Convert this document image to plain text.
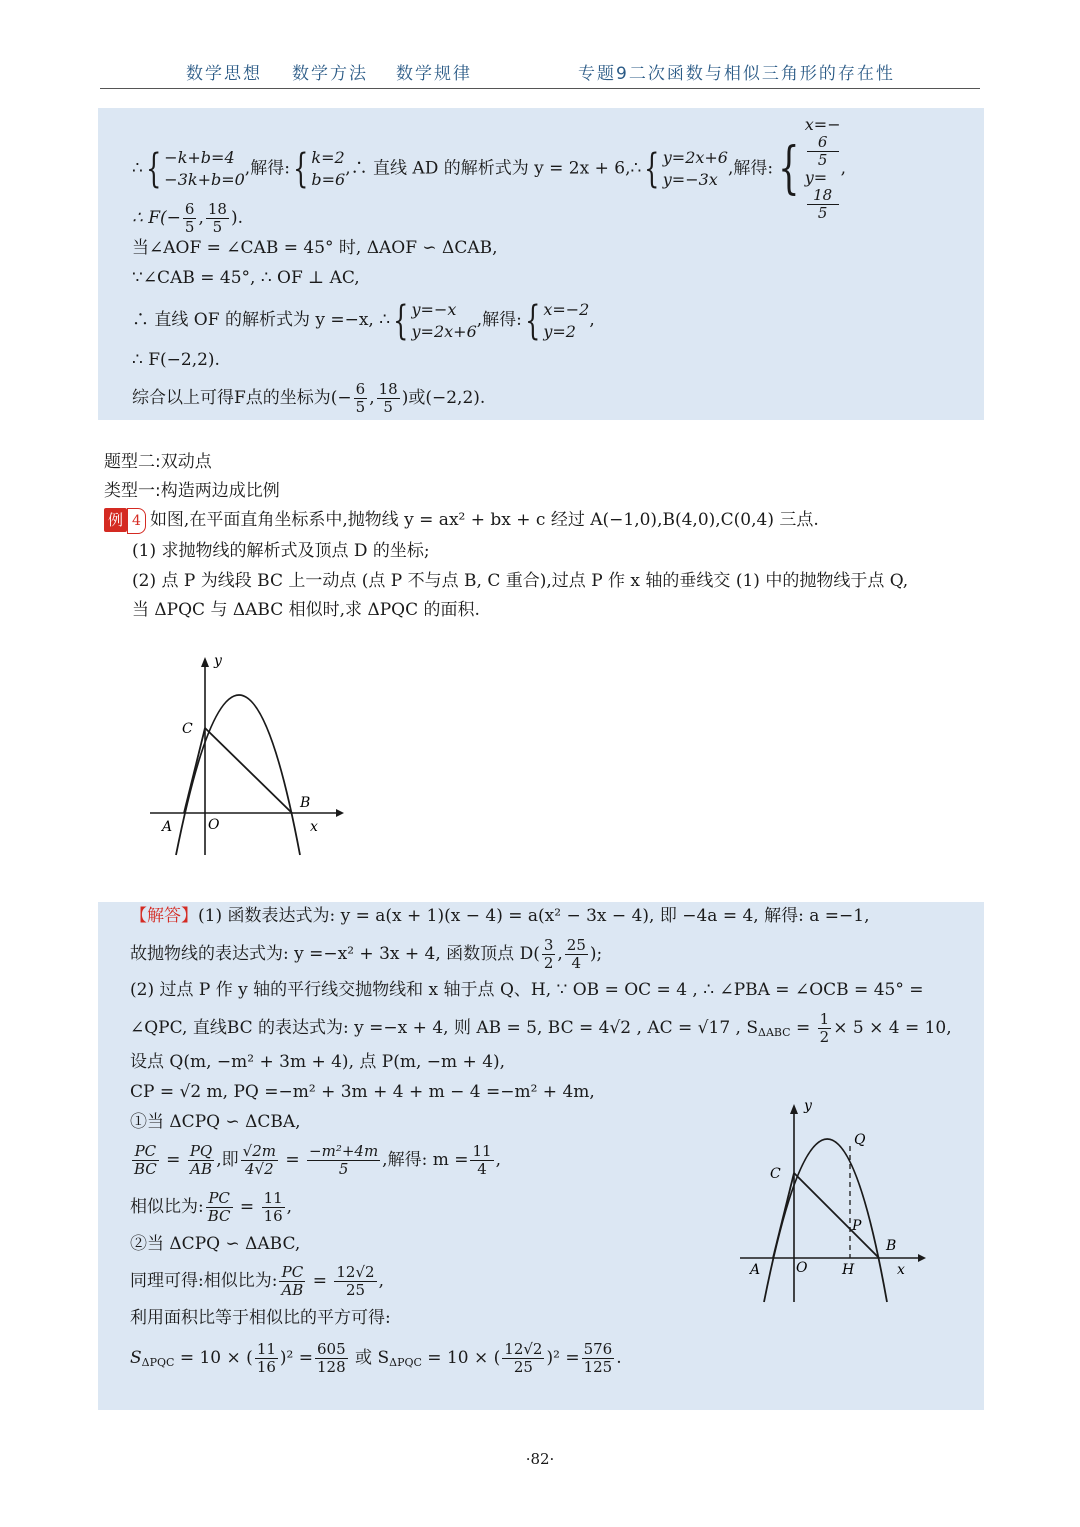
数学思想 数学方法 数学规律	专题9二次函数与相似三角形的存在性
∴{ −k+b=4
−3k+b=0
,解得:{ k=2
b=6
,∴ 直线 AD 的解析式为 y = 2x + 6,∴{ y=2x+6
y=−3x
,解得:{
x=−
6
5
y=
18
5
,
∴ $F(- \frac{6}{5}$ , $\frac{18}{5}$ ).
当∠AOF = ∠CAB = 45° 时, ΔAOF ∽ ΔCAB,
∵∠CAB = 45°, ∴ OF ⊥ AC,
∴ 直线 OF 的解析式为 y =−x, ∴{ y=−x
y=2x+6
,解得:{ x=−2
y=2
,
∴ F(−2,2).
综合以上可得F点的坐标为(− $\frac{6}{5}$ , $\frac{18}{5}$ )或(−2,2).
题型二:双动点
类型一:构造两边成比例
例 4 如图,在平面直角坐标系中,抛物线 y = ax² + bx + c 经过 A(−1,0),B(4,0),C(0,4) 三点.
(1) 求抛物线的解析式及顶点 D 的坐标;
(2) 点 P 为线段 BC 上一动点 (点 P 不与点 B, C 重合),过点 P 作 x 轴的垂线交 (1) 中的抛物线于点 Q,
当 ΔPQC 与 ΔABC 相似时,求 ΔPQC 的面积.
y
x
C
B
A	O
【解答】(1) 函数表达式为: y = a(x + 1)(x − 4) = a(x² − 3x − 4), 即 −4a = 4, 解得: a =−1,
故抛物线的表达式为: y =−x² + 3x + 4, 函数顶点 $D( \frac{3}{2}$ , $\frac{25}{4}$ );
(2) 过点 P 作 y 轴的平行线交抛物线和 x 轴于点 Q、H, ∵ OB = OC = 4 , ∴ ∠PBA = ∠OCB = 45° =
∠QPC, 直线BC 的表达式为: y =−x + 4, 则 AB = 5, BC = 4√2 , AC = √17 , $S_{\Delta ABC} = \frac{1}{2} \times 5 \times 4 = 10$,
设点 Q(m, −m² + 3m + 4), 点 P(m, −m + 4),
CP = √2 m, PQ =−m² + 3m + 4 + m − 4 =−m² + 4m,
①当 ΔCPQ ∽ ΔCBA,
$\frac{PC}{BC} = \frac{PQ}{AB}$ ,即 $\frac{√2m}{4√2} = \frac{\text{−m²+4m}}{5}$ ,解得: $m = \frac{11}{4}$ ,
相似比为: $\frac{PC}{BC} = \frac{11}{16}$ ,
②当 ΔCPQ ∽ ΔABC,
同理可得:相似比为: $\frac{PC}{AB} = \frac{12√2}{25}$ ,
利用面积比等于相似比的平方可得:
$S_{\Delta PQC} = 10$ × ( $\frac{11}{16} )^2 = \frac{605}{128}$ 或 $S_{\Delta PQC} = 10$ × ( $\frac{12√2}{25} )^2 = \frac{576}{125}$ .
y
x
C
B
A	O
Q
P
H
·82·
